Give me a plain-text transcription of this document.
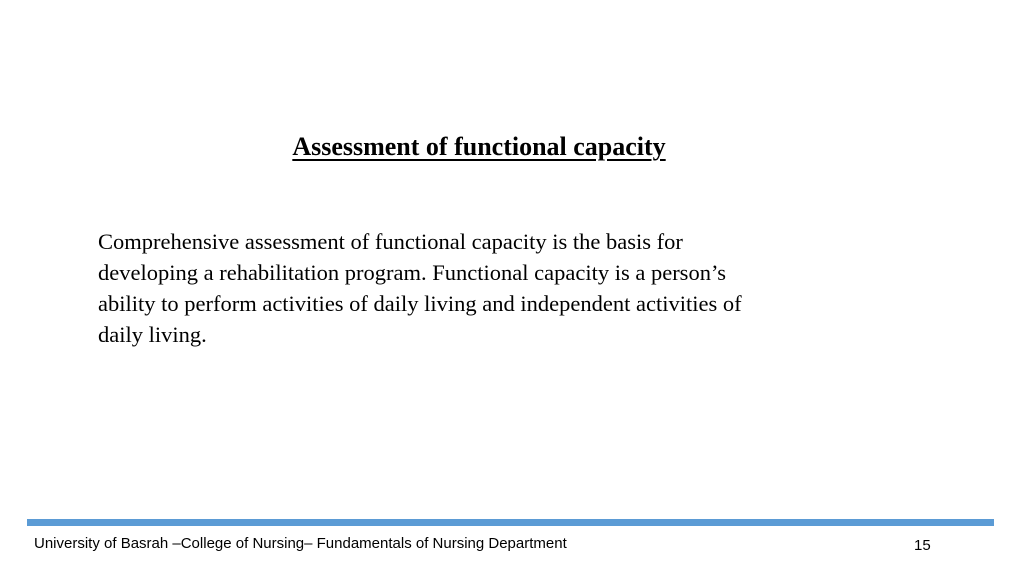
Assessment of functional capacity
Comprehensive assessment of functional capacity is the basis for
developing a rehabilitation program. Functional capacity is a person’s
ability to perform activities of daily living and independent activities of
daily living.
University of Basrah –College of Nursing– Fundamentals of Nursing Department	15
